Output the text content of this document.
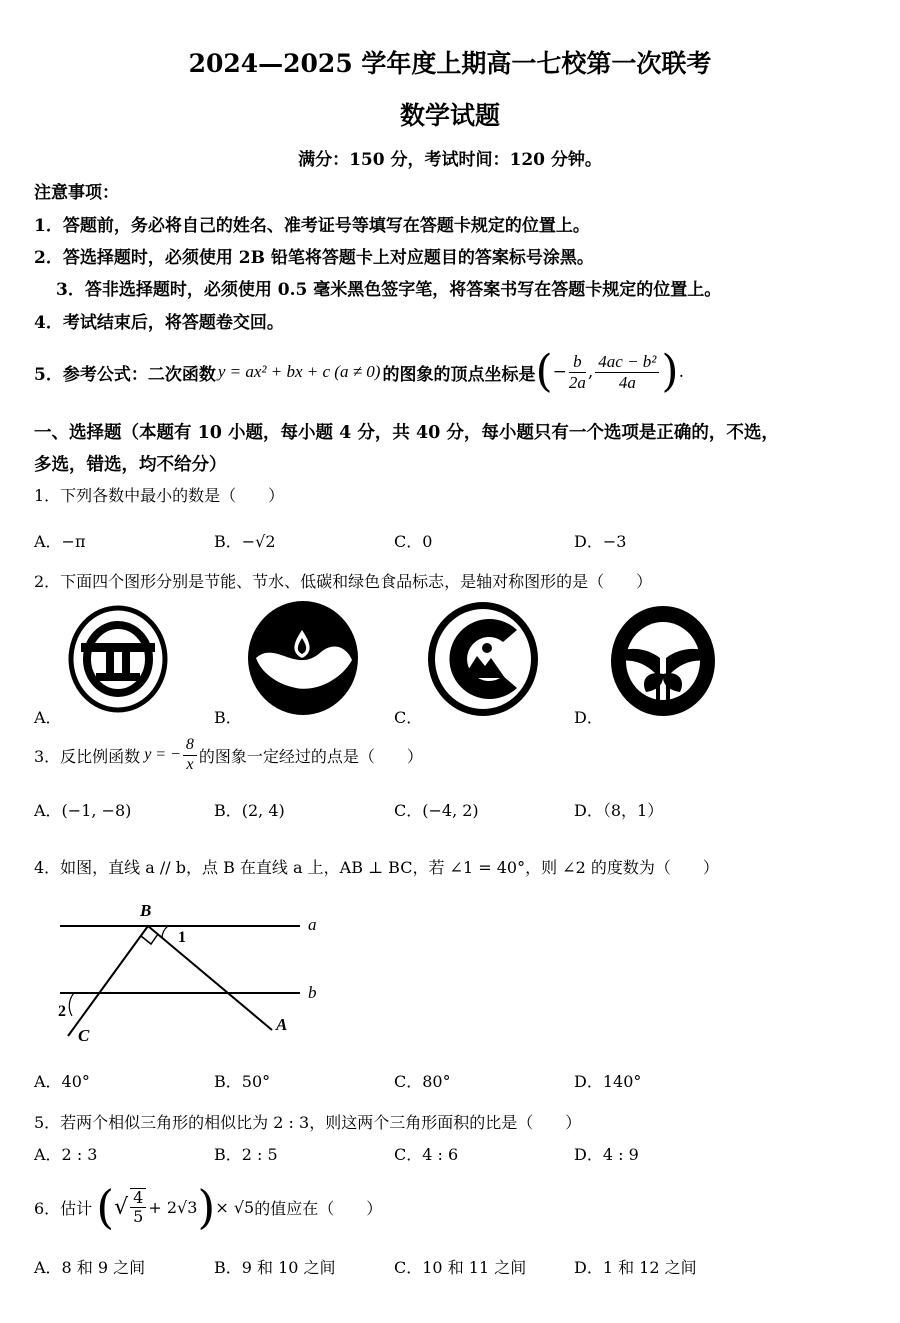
2024—2025 学年度上期高一七校第一次联考
数学试题
满分：150 分，考试时间：120 分钟。
注意事项：
1．答题前，务必将自己的姓名、准考证号等填写在答题卡规定的位置上。
2．答选择题时，必须使用 2B 铅笔将答题卡上对应题目的答案标号涂黑。
3．答非选择题时，必须使用 0.5 毫米黑色签字笔，将答案书写在答题卡规定的位置上。
4．考试结束后，将答题卷交回。
5．参考公式：二次函数 y = ax² + bx + c (a ≠ 0) 的图象的顶点坐标是 ( − $\frac{b}{2a}$ , $\frac{\text{4ac − b²}}{4a}$ ) .
一、选择题（本题有 10 小题，每小题 4 分，共 40 分，每小题只有一个选项是正确的，不选，
多选，错选，均不给分）
1．下列各数中最小的数是（　　）
A．−π	B．−√2	C．0	D．−3
2．下面四个图形分别是节能、节水、低碳和绿色食品标志，是轴对称图形的是（　　）
A．	B．	C．	D．
3．反比例函数 y = − $\frac{8}{x}$ 的图象一定经过的点是（　　）
A．(−1, −8)	B．(2, 4)	C．(−4, 2)	D．（8，1）
4．如图，直线 a // b，点 B 在直线 a 上，AB ⊥ BC，若 ∠1 = 40°，则 ∠2 的度数为（　　）
B
1
a
b
2
C
A
A．40°	B．50°	C．80°	D．140°
5．若两个相似三角形的相似比为 2 : 3，则这两个三角形面积的比是（　　）
A．2 : 3	B．2 : 5	C．4 : 6	D．4 : 9
6．估计 ( √ $\frac{4}{5} + 2√3$ ) × √5 的值应在（　　）
A．8 和 9 之间	B．9 和 10 之间	C．10 和 11 之间	D．1 和 12 之间
